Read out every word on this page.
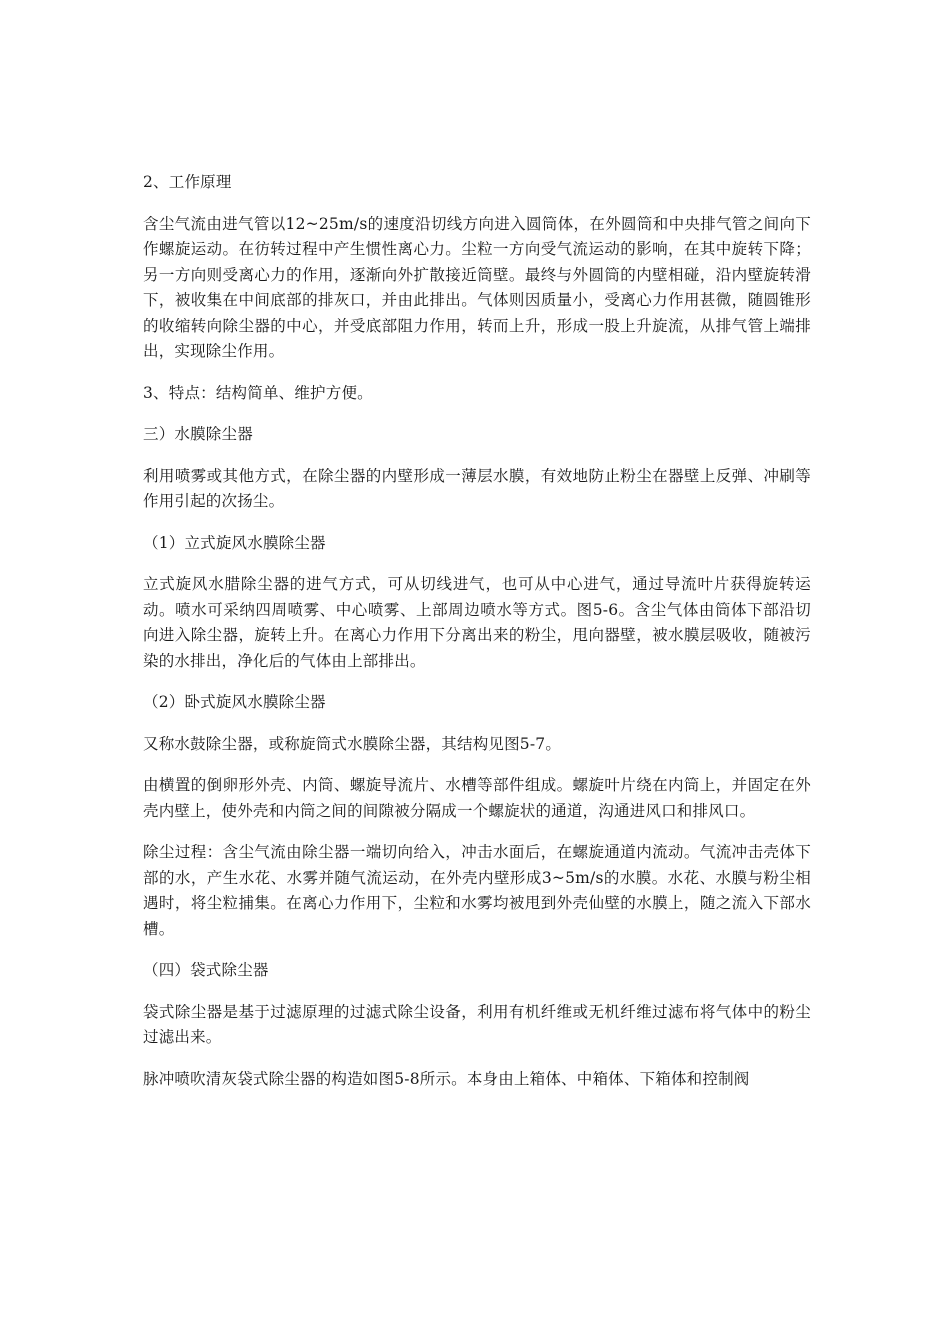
2、工作原理

含尘气流由进气管以12~25m/s的速度沿切线方向进入圆筒体，在外圆筒和中央排气管之间向下作螺旋运动。在彷转过程中产生惯性离心力。尘粒一方向受气流运动的影响，在其中旋转下降；另一方向则受离心力的作用，逐渐向外扩散接近筒壁。最终与外圆筒的内壁相碰，沿内壁旋转滑下，被收集在中间底部的排灰口，并由此排出。气体则因质量小，受离心力作用甚微，随圆锥形的收缩转向除尘器的中心，并受底部阻力作用，转而上升，形成一股上升旋流，从排气管上端排出，实现除尘作用。

3、特点：结构简单、维护方便。

三）水膜除尘器

利用喷雾或其他方式，在除尘器的内壁形成一薄层水膜，有效地防止粉尘在器壁上反弹、冲刷等作用引起的次扬尘。

（1）立式旋风水膜除尘器

立式旋风水腊除尘器的进气方式，可从切线进气，也可从中心进气，通过导流叶片获得旋转运动。喷水可采纳四周喷雾、中心喷雾、上部周边喷水等方式。图5-6。含尘气体由筒体下部沿切向进入除尘器，旋转上升。在离心力作用下分离出来的粉尘，甩向器壁，被水膜层吸收，随被污染的水排出，净化后的气体由上部排出。

（2）卧式旋风水膜除尘器

又称水鼓除尘器，或称旋筒式水膜除尘器，其结构见图5-7。

由横置的倒卵形外壳、内筒、螺旋导流片、水槽等部件组成。螺旋叶片绕在内筒上，并固定在外壳内壁上，使外壳和内筒之间的间隙被分隔成一个螺旋状的通道，沟通进风口和排风口。

除尘过程：含尘气流由除尘器一端切向给入，冲击水面后，在螺旋通道内流动。气流冲击壳体下部的水，产生水花、水雾并随气流运动，在外壳内壁形成3~5m/s的水膜。水花、水膜与粉尘相遇时，将尘粒捕集。在离心力作用下，尘粒和水雾均被甩到外壳仙壁的水膜上，随之流入下部水槽。

（四）袋式除尘器

袋式除尘器是基于过滤原理的过滤式除尘设备，利用有机纤维或无机纤维过滤布将气体中的粉尘过滤出来。

脉冲喷吹清灰袋式除尘器的构造如图5-8所示。本身由上箱体、中箱体、下箱体和控制阀
